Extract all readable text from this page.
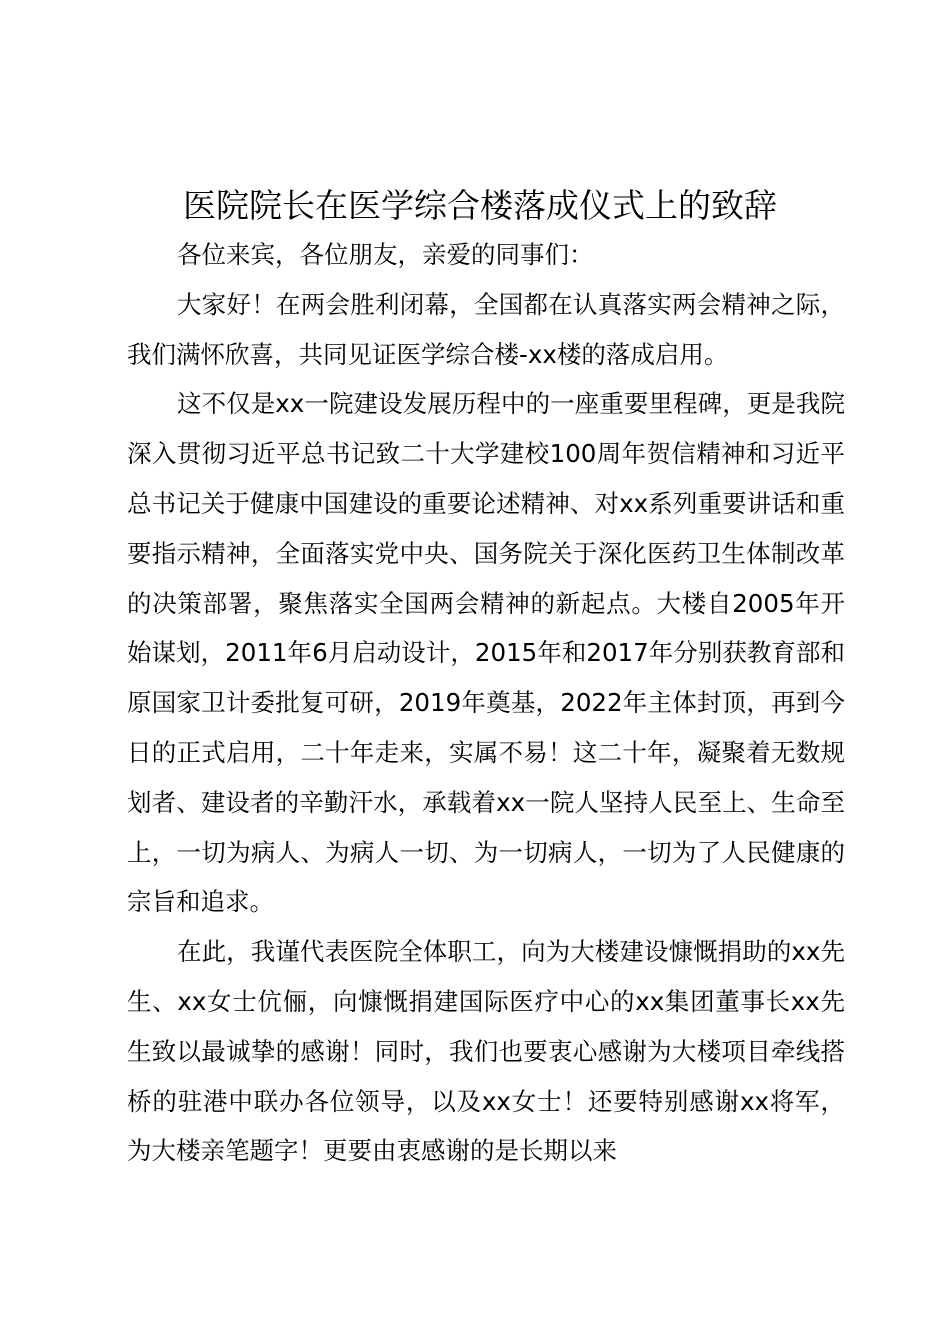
医院院长在医学综合楼落成仪式上的致辞

各位来宾，各位朋友，亲爱的同事们：

大家好！在两会胜利闭幕，全国都在认真落实两会精神之际，我们满怀欣喜，共同见证医学综合楼-xx楼的落成启用。

这不仅是xx一院建设发展历程中的一座重要里程碑，更是我院深入贯彻习近平总书记致二十大学建校100周年贺信精神和习近平总书记关于健康中国建设的重要论述精神、对xx系列重要讲话和重要指示精神，全面落实党中央、国务院关于深化医药卫生体制改革的决策部署，聚焦落实全国两会精神的新起点。大楼自2005年开始谋划，2011年6月启动设计，2015年和2017年分别获教育部和原国家卫计委批复可研，2019年奠基，2022年主体封顶，再到今日的正式启用，二十年走来，实属不易！这二十年，凝聚着无数规划者、建设者的辛勤汗水，承载着xx一院人坚持人民至上、生命至上，一切为病人、为病人一切、为一切病人，一切为了人民健康的宗旨和追求。

在此，我谨代表医院全体职工，向为大楼建设慷慨捐助的xx先生、xx女士伉俪，向慷慨捐建国际医疗中心的xx集团董事长xx先生致以最诚挚的感谢！同时，我们也要衷心感谢为大楼项目牵线搭桥的驻港中联办各位领导，以及xx女士！还要特别感谢xx将军，为大楼亲笔题字！更要由衷感谢的是长期以来
